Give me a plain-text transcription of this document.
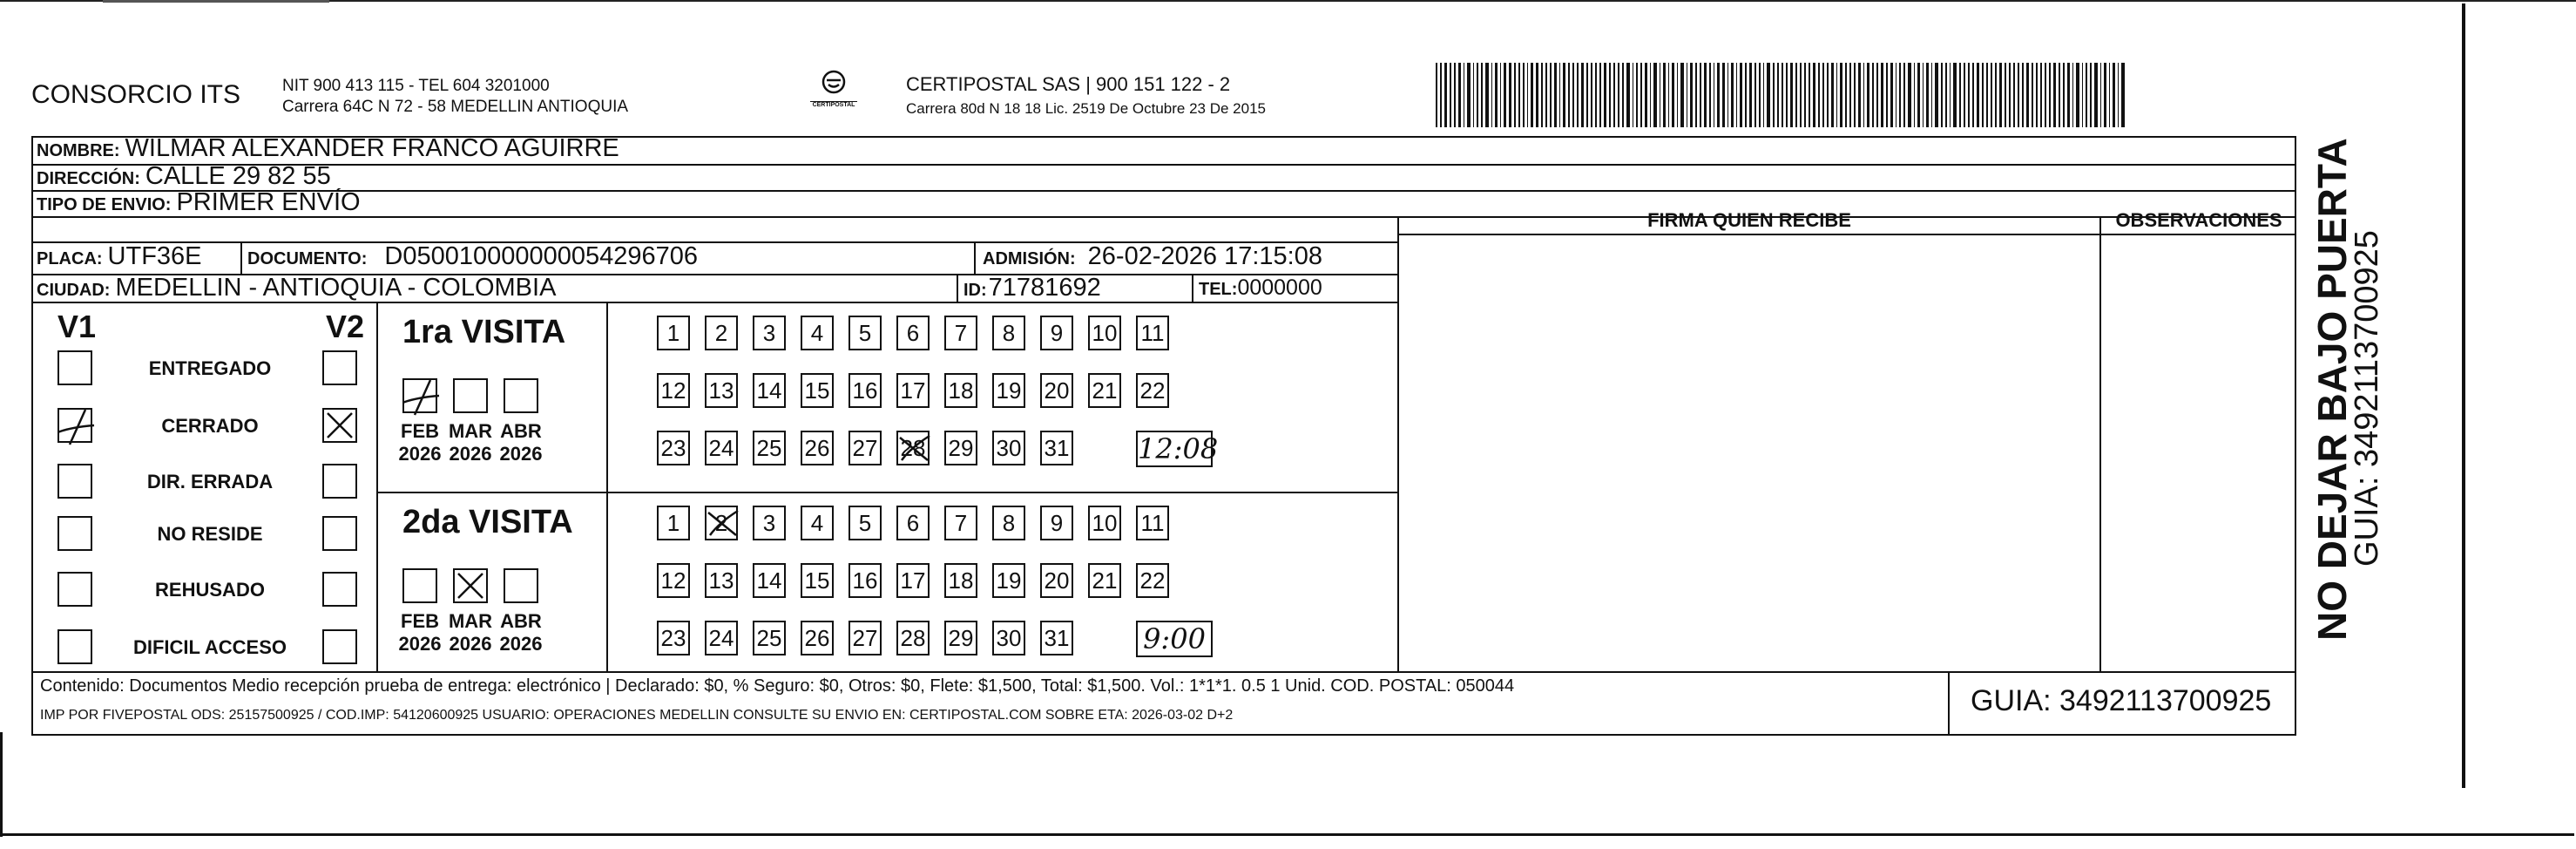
CONSORCIO ITS	NIT 900 413 115 - TEL 604 3201000
Carrera 64C N 72 - 58 MEDELLIN ANTIOQUIA	CERTIPOSTAL
CERTIPOSTAL SAS | 900 151 122 - 2
Carrera 80d N 18 18 Lic. 2519 De Octubre 23 De 2015
NOMBRE: WILMAR ALEXANDER FRANCO AGUIRRE
DIRECCIÓN: CALLE 29 82 55
TIPO DE ENVIO: PRIMER ENVÍO
PLACA: UTF36E	DOCUMENTO: D050010000000054296706	ADMISIÓN: 26-02-2026 17:15:08
CIUDAD: MEDELLIN - ANTIOQUIA - COLOMBIA	ID:71781692	TEL:0000000
FIRMA QUIEN RECIBE	OBSERVACIONES
V1	V2
Contenido: Documentos Medio recepción prueba de entrega: electrónico | Declarado: $0, % Seguro: $0, Otros: $0, Flete: $1,500, Total: $1,500. Vol.: 1*1*1. 0.5 1 Unid. COD. POSTAL: 050044
IMP POR FIVEPOSTAL ODS: 25157500925 / COD.IMP: 54120600925 USUARIO: OPERACIONES MEDELLIN CONSULTE SU ENVIO EN: CERTIPOSTAL.COM SOBRE ETA: 2026-03-02 D+2	GUIA: 3492113700925
NO DEJAR BAJO PUERTA
GUIA: 3492113700925
ENTREGADO
CERRADO
DIR. ERRADA
NO RESIDE
REHUSADO
DIFICIL ACCESO
1ra VISITA
FEB
2026
MAR
2026
ABR
2026
1	2	3	4	5	6	7	8	9	10 11
12 13 14 15 16 17 18 19 20 21 22
23 24 25 26 27 28 29 30 31 12:08
2da VISITA
FEB
2026
MAR
2026
ABR
2026
1	2	3	4	5	6	7	8	9	10 11
12 13 14 15 16 17 18 19 20 21 22
23 24 25 26 27 28 29 30 31	9:00
